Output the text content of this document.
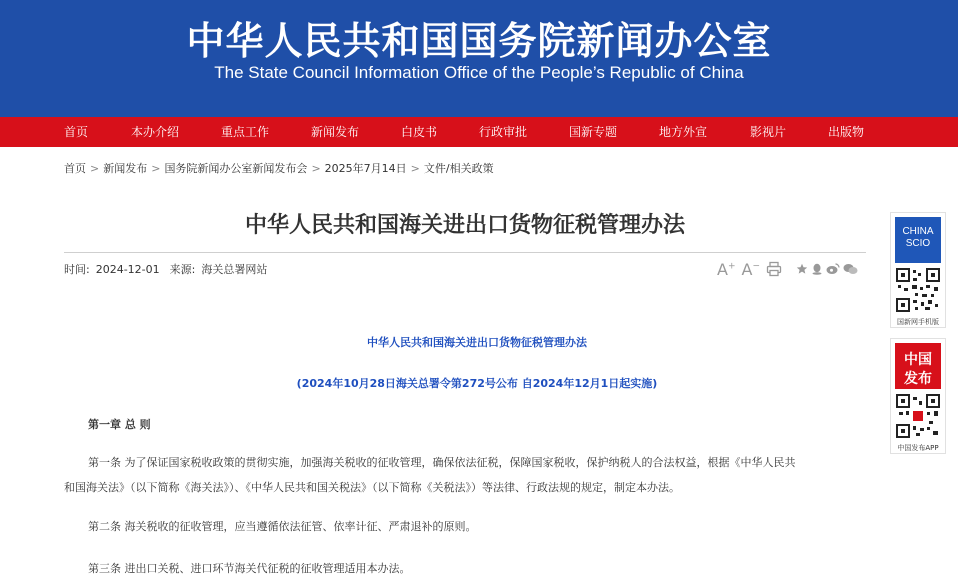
中华人民共和国国务院新闻办公室
The State Council Information Office of the People’s Republic of China
首页	本办介绍	重点工作	新闻发布	白皮书	行政审批	国新专题	地方外宣	影视片	出版物
首页 > 新闻发布 > 国务院新闻办公室新闻发布会 > 2025年7月14日 > 文件/相关政策
中华人民共和国海关进出口货物征税管理办法
时间: 2024-12-01 来源: 海关总署网站	A+ A−
中华人民共和国海关进出口货物征税管理办法
(2024年10月28日海关总署令第272号公布 自2024年12月1日起实施)
第一章 总 则
第一条 为了保证国家税收政策的贯彻实施，加强海关税收的征收管理，确保依法征税，保障国家税收，保护纳税人的合法权益，根据《中华人民共
和国海关法》（以下简称《海关法》）、《中华人民共和国关税法》（以下简称《关税法》）等法律、行政法规的规定，制定本办法。
第二条 海关税收的征收管理，应当遵循依法征管、依率计征、严肃退补的原则。
第三条 进出口关税、进口环节海关代征税的征收管理适用本办法。
CHINA
SCIO
国新网手机版
中国
发布
中国发布APP
